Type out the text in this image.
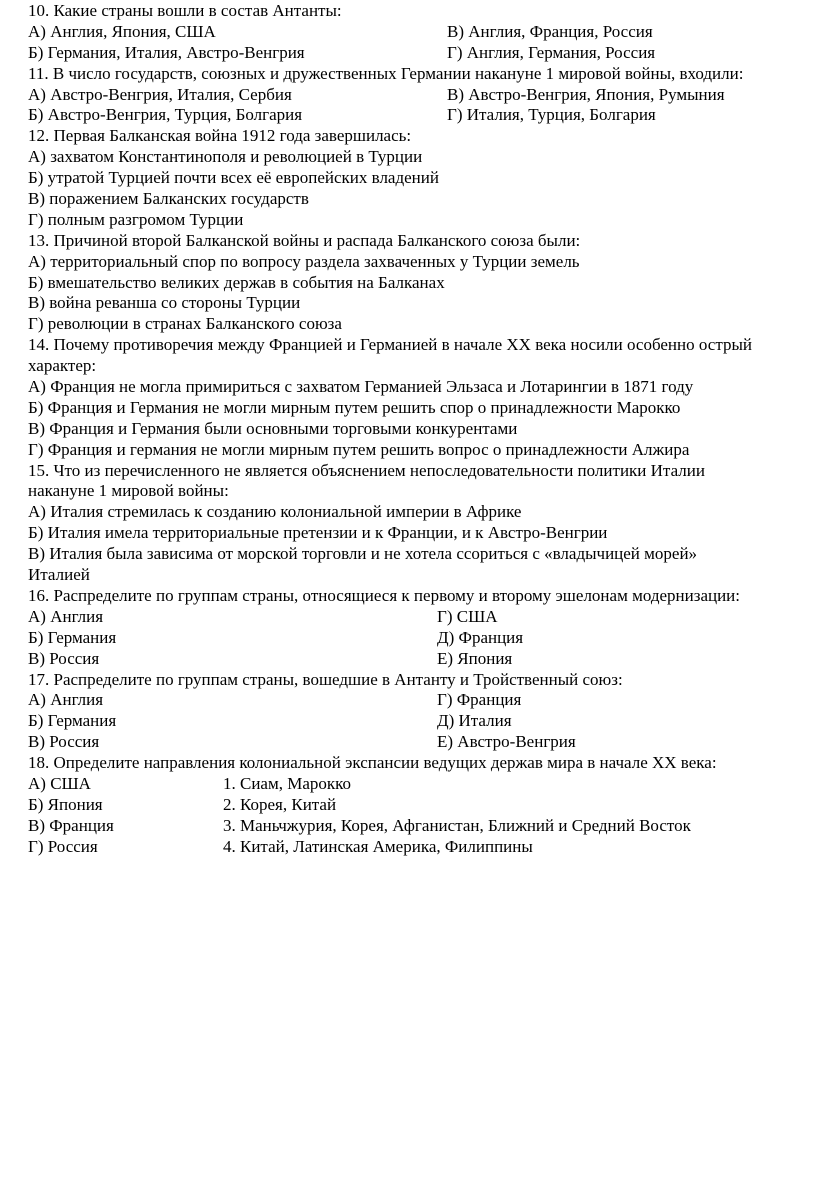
10. Какие страны вошли в состав Антанты:
А) Англия, Япония, США	В) Англия, Франция, Россия
Б) Германия, Италия, Австро-Венгрия	Г) Англия, Германия, Россия
11. В число государств, союзных и дружественных Германии накануне 1 мировой войны, входили:
А) Австро-Венгрия, Италия, Сербия	В) Австро-Венгрия, Япония, Румыния
Б) Австро-Венгрия, Турция, Болгария	Г) Италия, Турция, Болгария
12. Первая Балканская война 1912 года завершилась:
А) захватом Константинополя и революцией в Турции
Б) утратой Турцией почти всех её европейских владений
В) поражением Балканских государств
Г) полным разгромом Турции
13. Причиной второй Балканской войны и распада Балканского союза были:
А) территориальный спор по вопросу раздела захваченных у Турции земель
Б) вмешательство великих держав в события на Балканах
В) война реванша со стороны Турции
Г) революции в странах Балканского союза
14. Почему противоречия между Францией и Германией в начале XX века носили особенно острый
характер:
А) Франция не могла примириться с захватом Германией Эльзаса и Лотарингии в 1871 году
Б) Франция и Германия не могли мирным путем решить спор о принадлежности Марокко
В) Франция и Германия были основными торговыми конкурентами
Г) Франция и германия не могли мирным путем решить вопрос о принадлежности Алжира
15. Что из перечисленного не является объяснением непоследовательности политики Италии
накануне 1 мировой войны:
А) Италия стремилась к созданию колониальной империи в Африке
Б) Италия имела территориальные претензии и к Франции, и к Австро-Венгрии
В) Италия была зависима от морской торговли и не хотела ссориться с «владычицей морей»
Италией
16. Распределите по группам страны, относящиеся к первому и второму эшелонам модернизации:
А) Англия	Г) США
Б) Германия	Д) Франция
В) Россия	Е) Япония
17. Распределите по группам страны, вошедшие в Антанту и Тройственный союз:
А) Англия	Г) Франция
Б) Германия	Д) Италия
В) Россия	Е) Австро-Венгрия
18. Определите направления колониальной экспансии ведущих держав мира в начале XX века:
А) США	1. Сиам, Марокко
Б) Япония	2. Корея, Китай
В) Франция	3. Маньчжурия, Корея, Афганистан, Ближний и Средний Восток
Г) Россия	4. Китай, Латинская Америка, Филиппины
